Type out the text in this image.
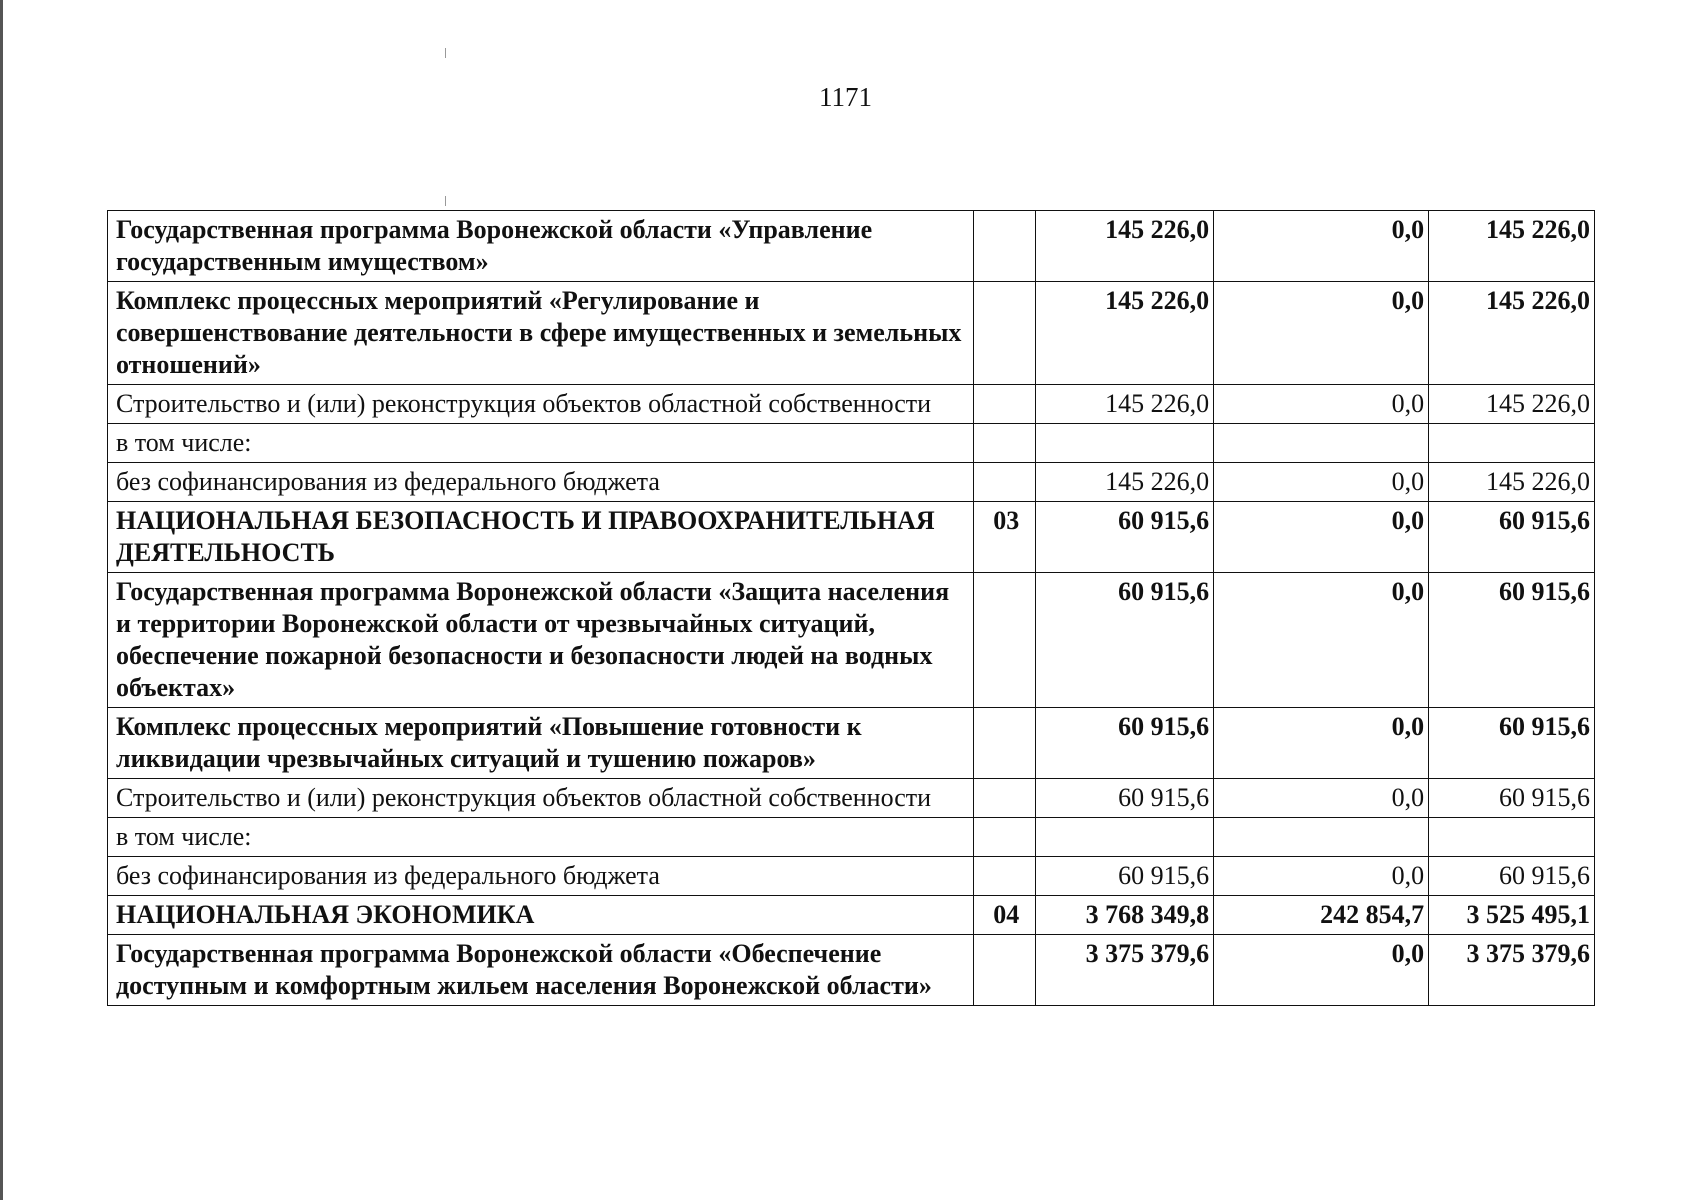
1171
Государственная программа Воронежской области «Управление государственным имуществом»		145 226,0	0,0	145 226,0
Комплекс процессных мероприятий «Регулирование и совершенствование деятельности в сфере имущественных и земельных отношений»		145 226,0	0,0	145 226,0
Строительство и (или) реконструкция объектов областной собственности		145 226,0	0,0	145 226,0
в том числе:				
без софинансирования из федерального бюджета		145 226,0	0,0	145 226,0
НАЦИОНАЛЬНАЯ БЕЗОПАСНОСТЬ И ПРАВООХРАНИТЕЛЬНАЯ ДЕЯТЕЛЬНОСТЬ	03	60 915,6	0,0	60 915,6
Государственная программа Воронежской области «Защита населения и территории Воронежской области от чрезвычайных ситуаций, обеспечение пожарной безопасности и безопасности людей на водных объектах»		60 915,6	0,0	60 915,6
Комплекс процессных мероприятий «Повышение готовности к ликвидации чрезвычайных ситуаций и тушению пожаров»		60 915,6	0,0	60 915,6
Строительство и (или) реконструкция объектов областной собственности		60 915,6	0,0	60 915,6
в том числе:				
без софинансирования из федерального бюджета		60 915,6	0,0	60 915,6
НАЦИОНАЛЬНАЯ ЭКОНОМИКА	04	3 768 349,8	242 854,7	3 525 495,1
Государственная программа Воронежской области «Обеспечение доступным и комфортным жильем населения Воронежской области»		3 375 379,6	0,0	3 375 379,6
